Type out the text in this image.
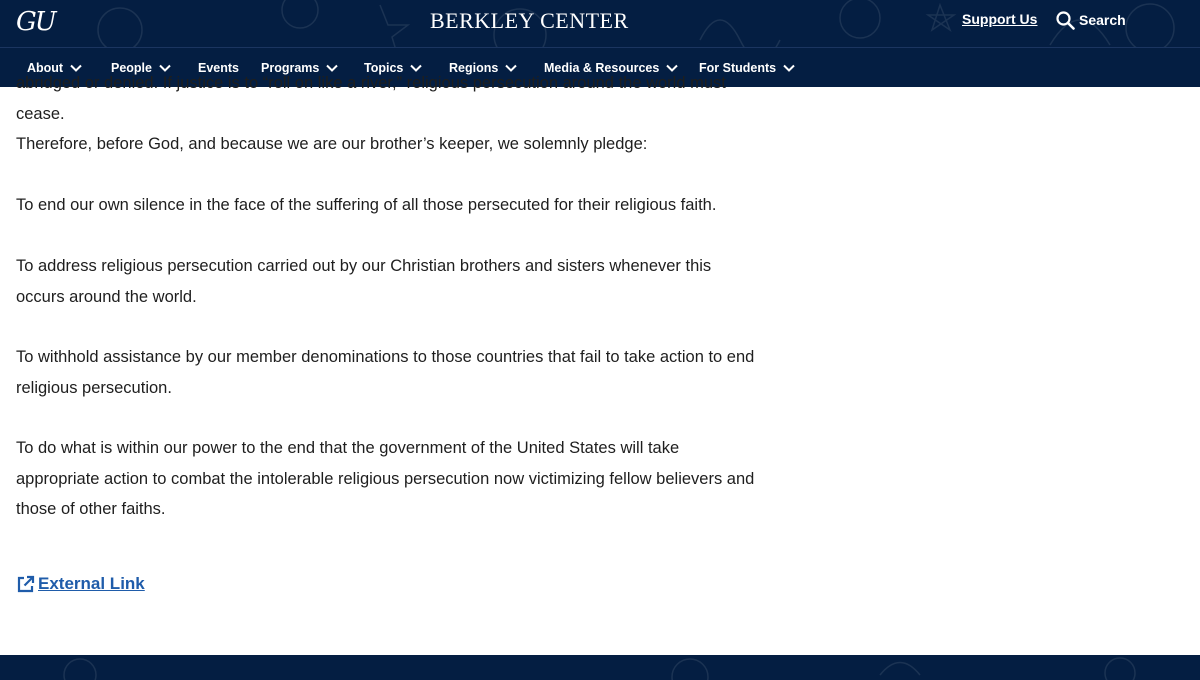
GU	BERKLEY CENTER	Support Us	Search
About	People	Events Programs	Topics	Regions	Media & Resources	For Students

abridged or denied. If justice is to “roll on like a river,” religious persecution around the world must cease.

Therefore, before God, and because we are our brother’s keeper, we solemnly pledge:

To end our own silence in the face of the suffering of all those persecuted for their religious faith.

To address religious persecution carried out by our Christian brothers and sisters whenever this occurs around the world.

To withhold assistance by our member denominations to those countries that fail to take action to end religious persecution.

To do what is within our power to the end that the government of the United States will take appropriate action to combat the intolerable religious persecution now victimizing fellow believers and those of other faiths.

External Link
